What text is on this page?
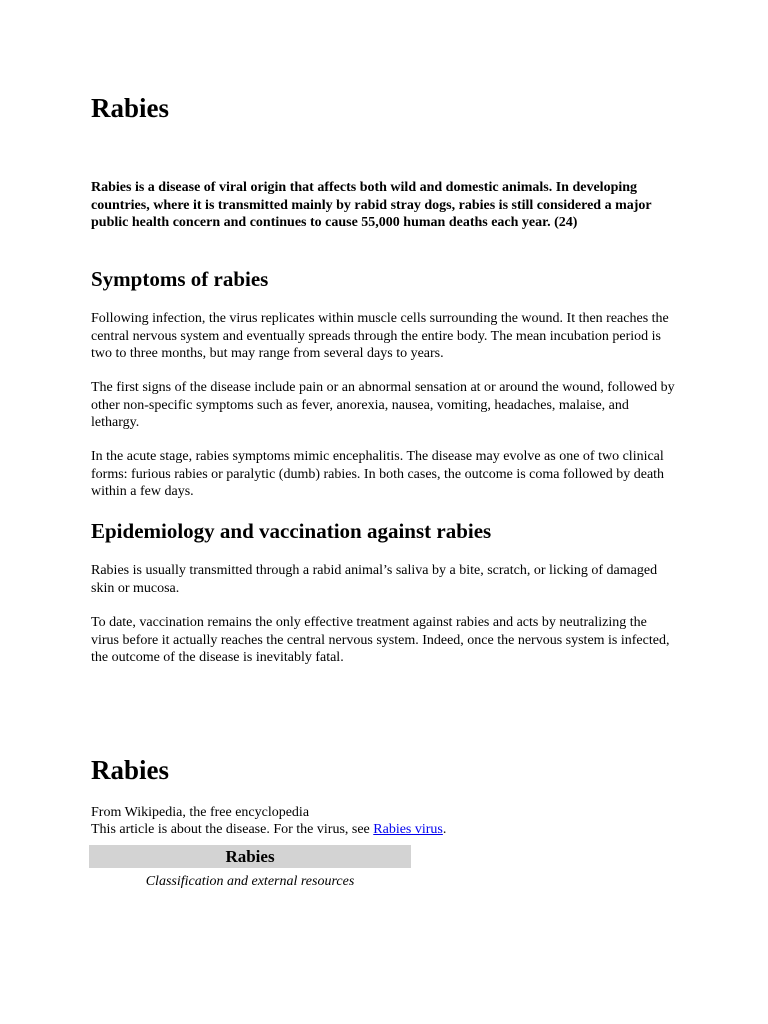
Rabies

Rabies is a disease of viral origin that affects both wild and domestic animals. In developing countries, where it is transmitted mainly by rabid stray dogs, rabies is still considered a major public health concern and continues to cause 55,000 human deaths each year. (24)

Symptoms of rabies

Following infection, the virus replicates within muscle cells surrounding the wound. It then reaches the central nervous system and eventually spreads through the entire body. The mean incubation period is two to three months, but may range from several days to years.

The first signs of the disease include pain or an abnormal sensation at or around the wound, followed by other non-specific symptoms such as fever, anorexia, nausea, vomiting, headaches, malaise, and lethargy.

In the acute stage, rabies symptoms mimic encephalitis. The disease may evolve as one of two clinical forms: furious rabies or paralytic (dumb) rabies. In both cases, the outcome is coma followed by death within a few days.

Epidemiology and vaccination against rabies

Rabies is usually transmitted through a rabid animal’s saliva by a bite, scratch, or licking of damaged skin or mucosa.

To date, vaccination remains the only effective treatment against rabies and acts by neutralizing the virus before it actually reaches the central nervous system. Indeed, once the nervous system is infected, the outcome of the disease is inevitably fatal.

Rabies
From Wikipedia, the free encyclopedia
This article is about the disease. For the virus, see Rabies virus.
Rabies
Classification and external resources
